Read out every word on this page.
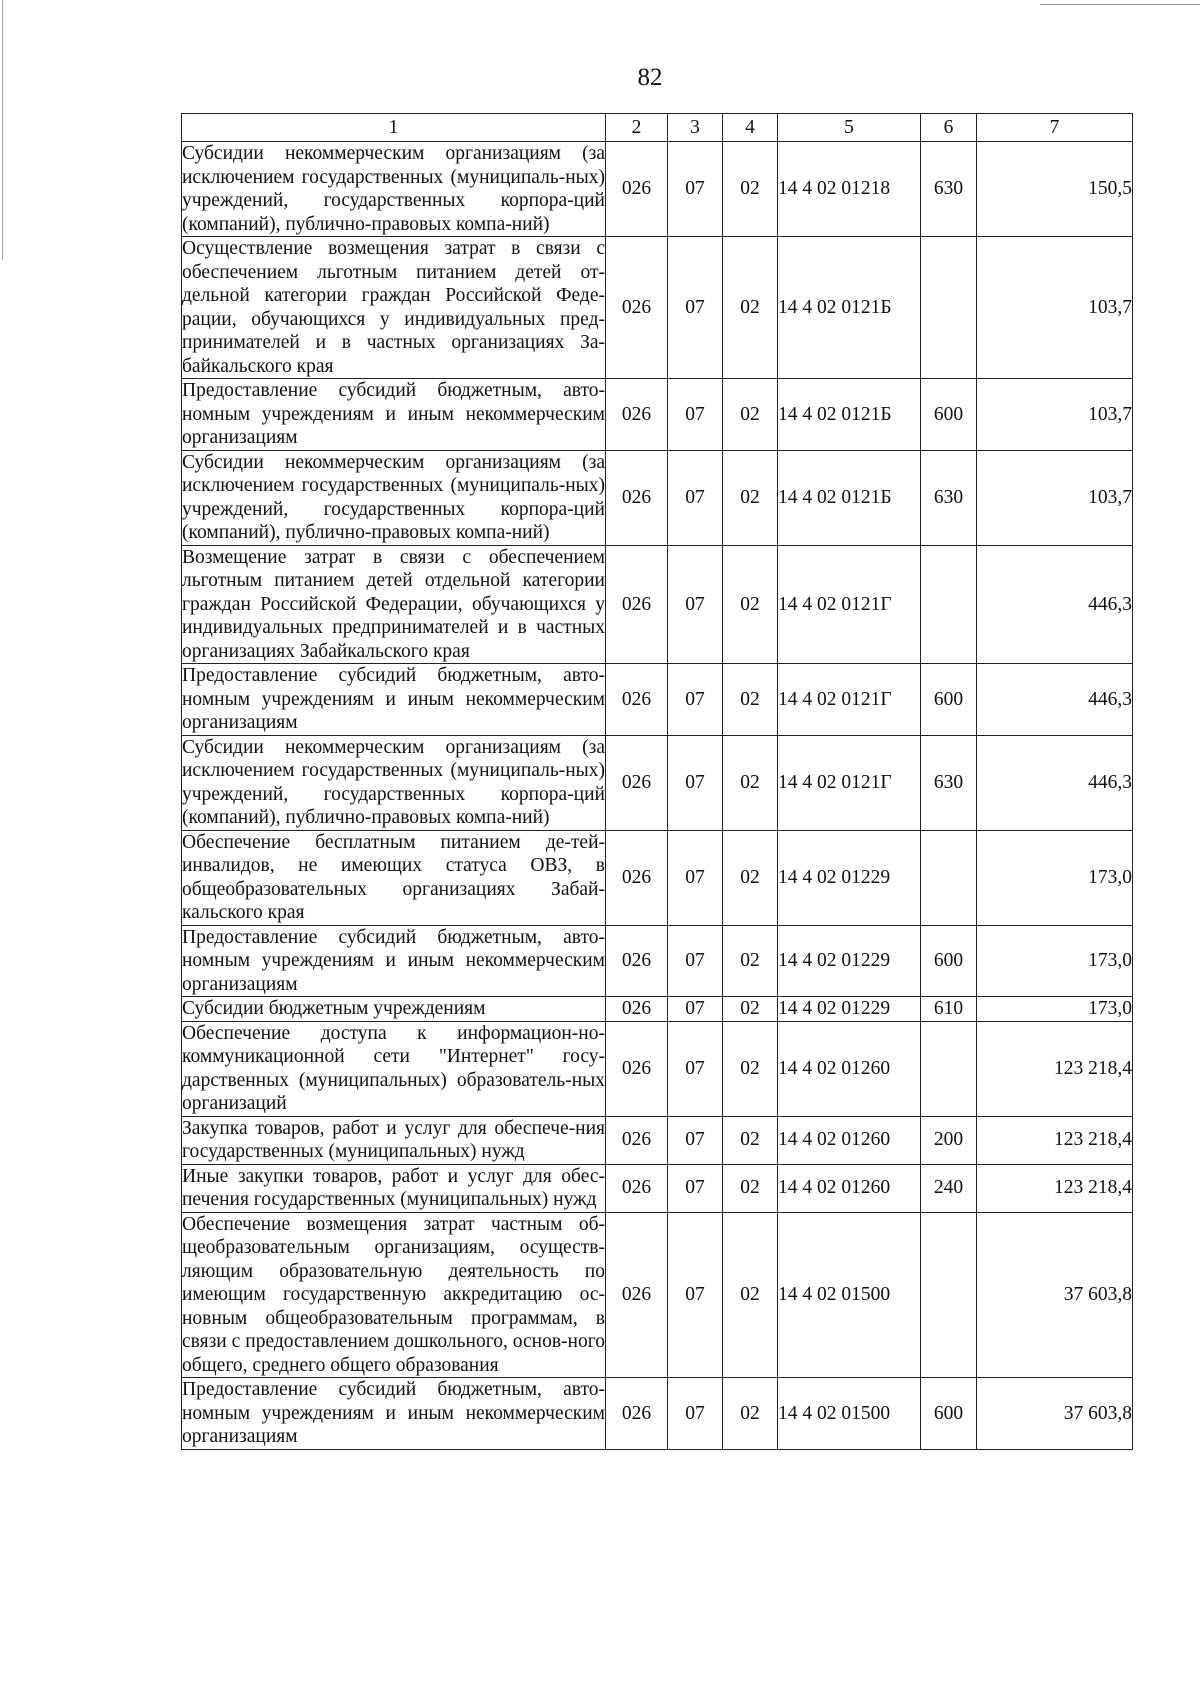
82
1	2	3	4	5	6	7
Субсидии некоммерческим организациям (за исключением государственных (муниципаль-ных) учреждений, государственных корпора-ций (компаний), публично-правовых компа-ний)	026	07	02	14 4 02 01218	630	150,5
Осуществление возмещения затрат в связи с обеспечением льготным питанием детей от-дельной категории граждан Российской Феде-рации, обучающихся у индивидуальных пред-принимателей и в частных организациях За-байкальского края	026	07	02	14 4 02 0121Б		103,7
Предоставление субсидий бюджетным, авто-номным учреждениям и иным некоммерческим организациям	026	07	02	14 4 02 0121Б	600	103,7
Субсидии некоммерческим организациям (за исключением государственных (муниципаль-ных) учреждений, государственных корпора-ций (компаний), публично-правовых компа-ний)	026	07	02	14 4 02 0121Б	630	103,7
Возмещение затрат в связи с обеспечением льготным питанием детей отдельной категории граждан Российской Федерации, обучающихся у индивидуальных предпринимателей и в частных организациях Забайкальского края	026	07	02	14 4 02 0121Г		446,3
Предоставление субсидий бюджетным, авто-номным учреждениям и иным некоммерческим организациям	026	07	02	14 4 02 0121Г	600	446,3
Субсидии некоммерческим организациям (за исключением государственных (муниципаль-ных) учреждений, государственных корпора-ций (компаний), публично-правовых компа-ний)	026	07	02	14 4 02 0121Г	630	446,3
Обеспечение бесплатным питанием де-тей-инвалидов, не имеющих статуса ОВЗ, в общеобразовательных организациях Забай-кальского края	026	07	02	14 4 02 01229		173,0
Предоставление субсидий бюджетным, авто-номным учреждениям и иным некоммерческим организациям	026	07	02	14 4 02 01229	600	173,0
Субсидии бюджетным учреждениям	026	07	02	14 4 02 01229	610	173,0
Обеспечение доступа к информацион-но-коммуникационной сети "Интернет" госу-дарственных (муниципальных) образователь-ных организаций	026	07	02	14 4 02 01260		123 218,4
Закупка товаров, работ и услуг для обеспече-ния государственных (муниципальных) нужд	026	07	02	14 4 02 01260	200	123 218,4
Иные закупки товаров, работ и услуг для обес-печения государственных (муниципальных) нужд	026	07	02	14 4 02 01260	240	123 218,4
Обеспечение возмещения затрат частным об-щеобразовательным организациям, осуществ-ляющим образовательную деятельность по имеющим государственную аккредитацию ос-новным общеобразовательным программам, в связи с предоставлением дошкольного, основ-ного общего, среднего общего образования	026	07	02	14 4 02 01500		37 603,8
Предоставление субсидий бюджетным, авто-номным учреждениям и иным некоммерческим организациям	026	07	02	14 4 02 01500	600	37 603,8
